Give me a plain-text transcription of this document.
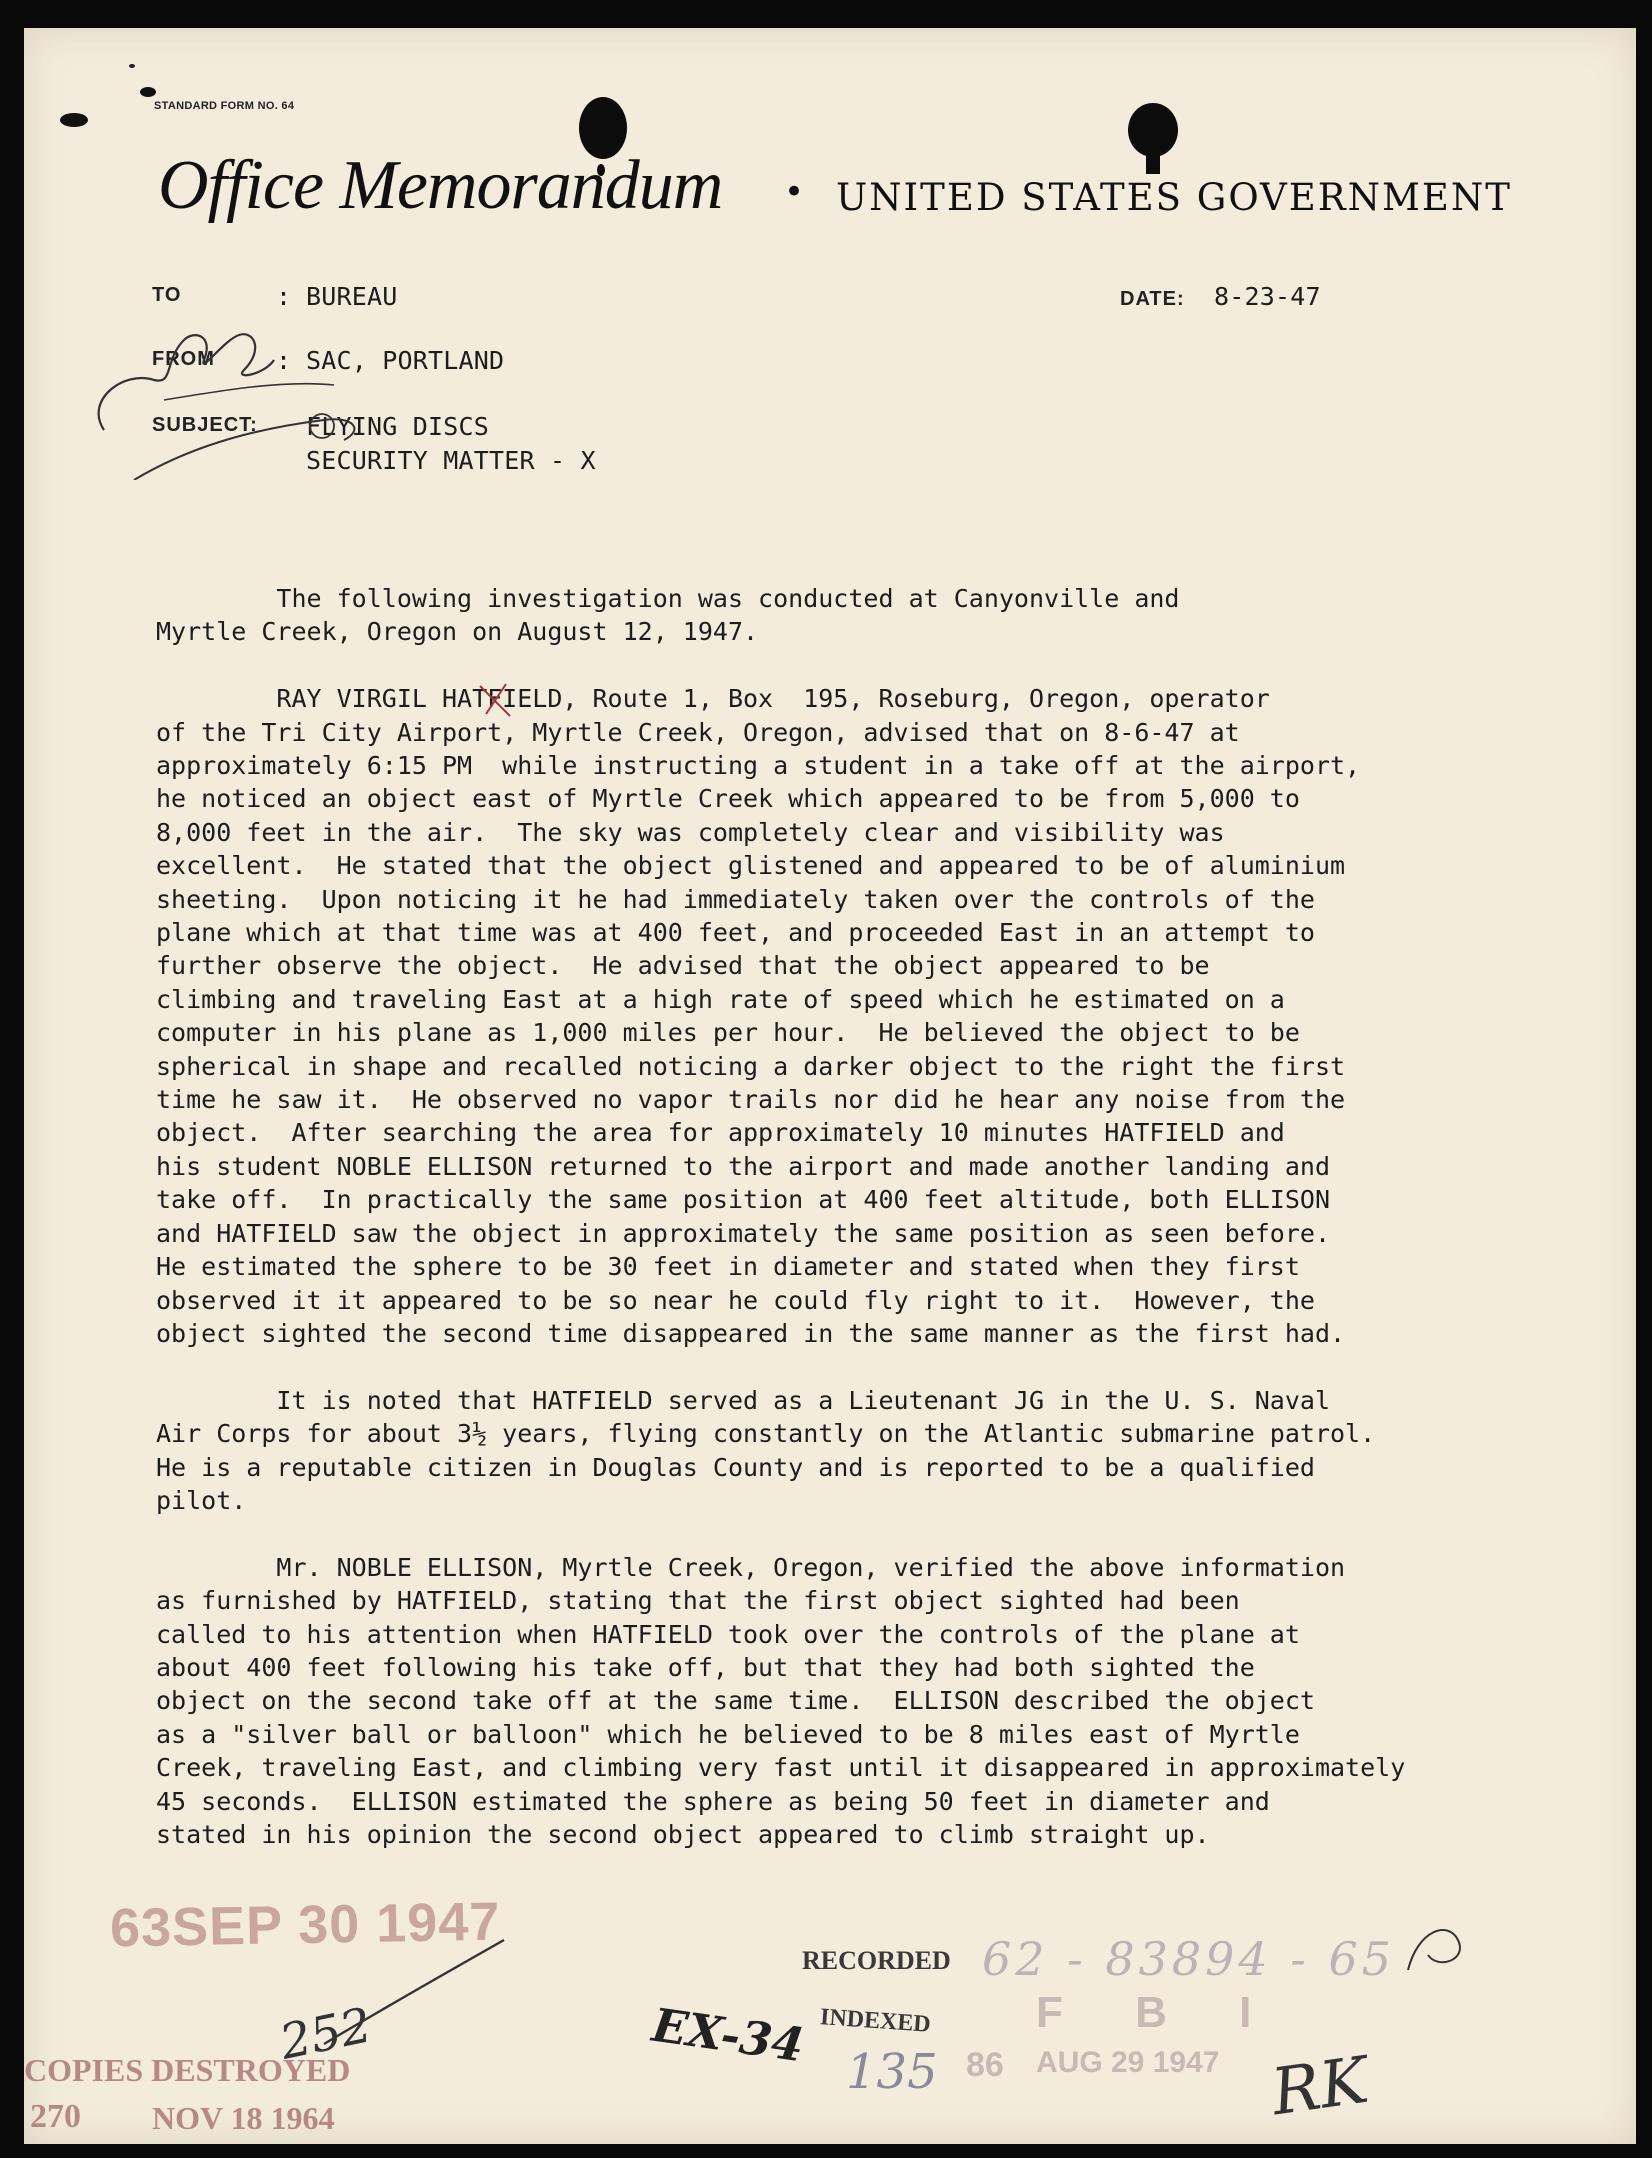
STANDARD FORM NO. 64
Office Memorandum • UNITED STATES GOVERNMENT
TO	: BUREAU	DATE: 8-23-47
FROM : SAC, PORTLAND
SUBJECT: FLYING DISCS
SECURITY MATTER - X

The following investigation was conducted at Canyonville and

Myrtle Creek, Oregon on August 12, 1947.

RAY VIRGIL HATFIELD, Route 1, Box  195, Roseburg, Oregon, operator

of the Tri City Airport, Myrtle Creek, Oregon, advised that on 8-6-47 at

approximately 6:15 PM  while instructing a student in a take off at the airport,

he noticed an object east of Myrtle Creek which appeared to be from 5,000 to

8,000 feet in the air.  The sky was completely clear and visibility was

excellent.  He stated that the object glistened and appeared to be of aluminium

sheeting.  Upon noticing it he had immediately taken over the controls of the

plane which at that time was at 400 feet, and proceeded East in an attempt to

further observe the object.  He advised that the object appeared to be

climbing and traveling East at a high rate of speed which he estimated on a

computer in his plane as 1,000 miles per hour.  He believed the object to be

spherical in shape and recalled noticing a darker object to the right the first

time he saw it.  He observed no vapor trails nor did he hear any noise from the

object.  After searching the area for approximately 10 minutes HATFIELD and

his student NOBLE ELLISON returned to the airport and made another landing and

take off.  In practically the same position at 400 feet altitude, both ELLISON

and HATFIELD saw the object in approximately the same position as seen before.

He estimated the sphere to be 30 feet in diameter and stated when they first

observed it it appeared to be so near he could fly right to it.  However, the

object sighted the second time disappeared in the same manner as the first had.

It is noted that HATFIELD served as a Lieutenant JG in the U. S. Naval

Air Corps for about 3½ years, flying constantly on the Atlantic submarine patrol.

He is a reputable citizen in Douglas County and is reported to be a qualified

pilot.

Mr. NOBLE ELLISON, Myrtle Creek, Oregon, verified the above information

as furnished by HATFIELD, stating that the first object sighted had been

called to his attention when HATFIELD took over the controls of the plane at

about 400 feet following his take off, but that they had both sighted the

object on the second take off at the same time.  ELLISON described the object

as a "silver ball or balloon" which he believed to be 8 miles east of Myrtle

Creek, traveling East, and climbing very fast until it disappeared in approximately

45 seconds.  ELLISON estimated the sphere as being 50 feet in diameter and

stated in his opinion the second object appeared to climb straight up.

63SEP 30 1947
RECORDED 62 - 83894 - 65
F B I
INDEXED
135 86 AUG 29 1947
EX-34
252
COPIES DESTROYED
270 NOV 18 1964	RK
